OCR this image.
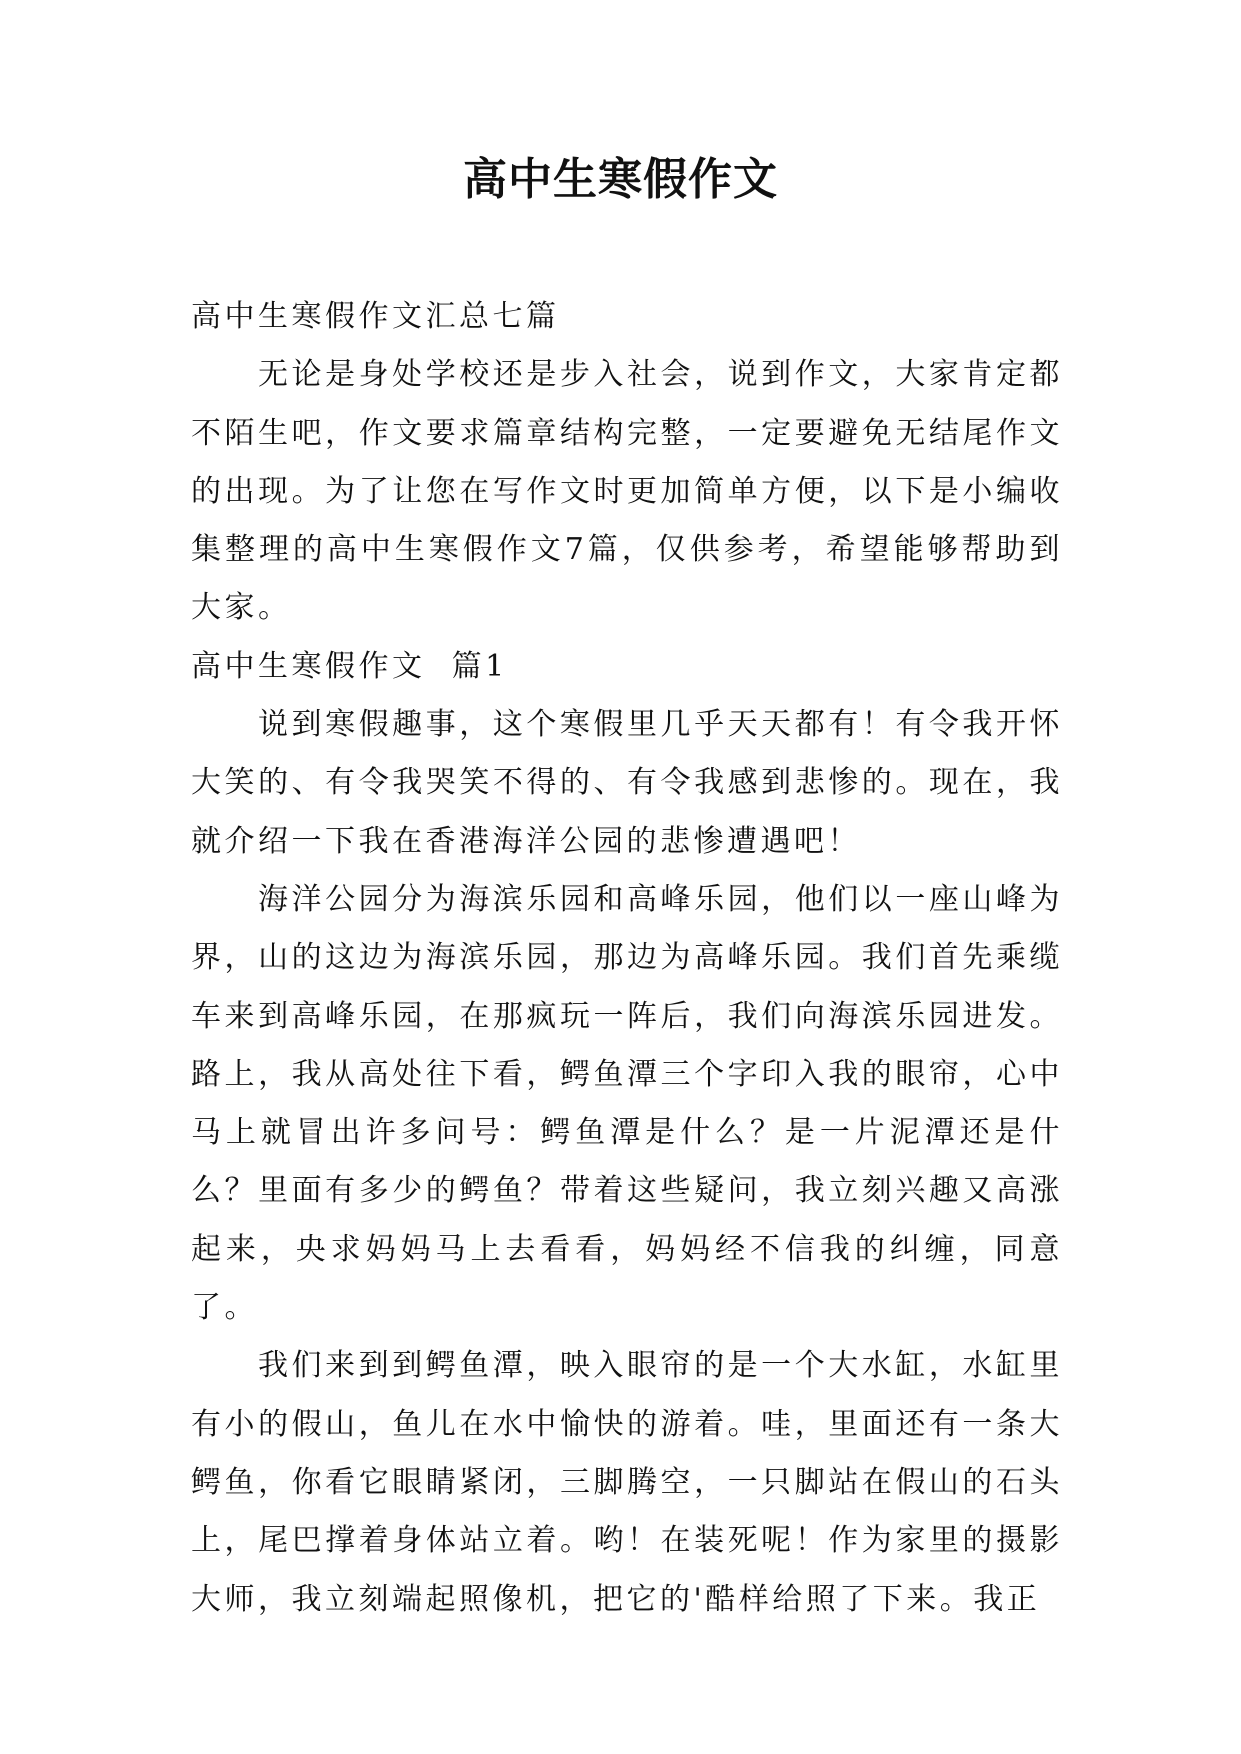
高中生寒假作文

高中生寒假作文汇总七篇

无论是身处学校还是步入社会，说到作文，大家肯定都不陌生吧，作文要求篇章结构完整，一定要避免无结尾作文的出现。为了让您在写作文时更加简单方便，以下是小编收集整理的高中生寒假作文7篇，仅供参考，希望能够帮助到大家。

高中生寒假作文  篇1

说到寒假趣事，这个寒假里几乎天天都有！有令我开怀大笑的、有令我哭笑不得的、有令我感到悲惨的。现在，我就介绍一下我在香港海洋公园的悲惨遭遇吧！

海洋公园分为海滨乐园和高峰乐园，他们以一座山峰为界，山的这边为海滨乐园，那边为高峰乐园。我们首先乘缆车来到高峰乐园，在那疯玩一阵后，我们向海滨乐园进发。路上，我从高处往下看，鳄鱼潭三个字印入我的眼帘，心中马上就冒出许多问号：鳄鱼潭是什么？是一片泥潭还是什么？里面有多少的鳄鱼？带着这些疑问，我立刻兴趣又高涨起来，央求妈妈马上去看看，妈妈经不信我的纠缠，同意了。

我们来到到鳄鱼潭，映入眼帘的是一个大水缸，水缸里有小的假山，鱼儿在水中愉快的游着。哇，里面还有一条大鳄鱼，你看它眼睛紧闭，三脚腾空，一只脚站在假山的石头上，尾巴撑着身体站立着。哟！在装死呢！作为家里的摄影大师，我立刻端起照像机，把它的'酷样给照了下来。我正
